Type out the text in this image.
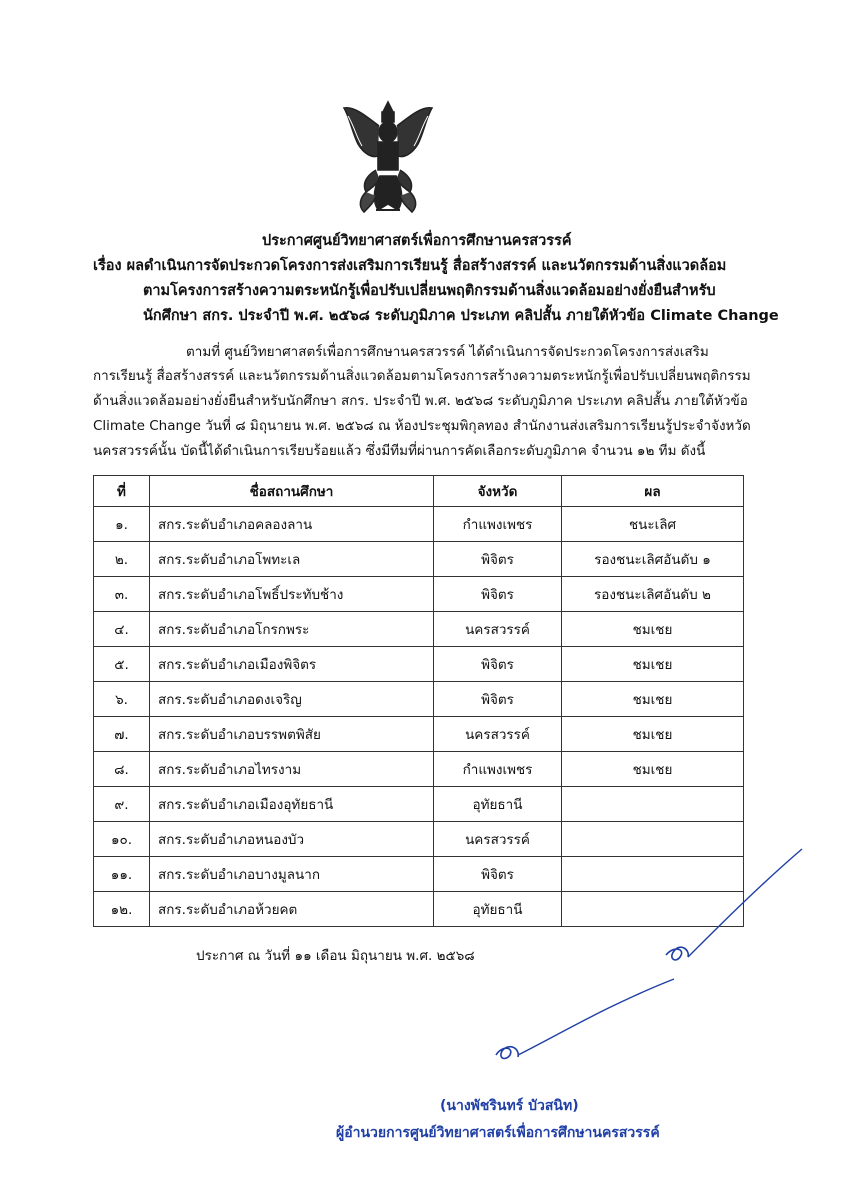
ประกาศศูนย์วิทยาศาสตร์เพื่อการศึกษานครสวรรค์
เรื่อง ผลดำเนินการจัดประกวดโครงการส่งเสริมการเรียนรู้ สื่อสร้างสรรค์ และนวัตกรรมด้านสิ่งแวดล้อม
ตามโครงการสร้างความตระหนักรู้เพื่อปรับเปลี่ยนพฤติกรรมด้านสิ่งแวดล้อมอย่างยั่งยืนสำหรับ
นักศึกษา สกร. ประจำปี พ.ศ. ๒๕๖๘ ระดับภูมิภาค ประเภท คลิปสั้น ภายใต้หัวข้อ Climate Change
ตามที่ ศูนย์วิทยาศาสตร์เพื่อการศึกษานครสวรรค์ ได้ดำเนินการจัดประกวดโครงการส่งเสริม
การเรียนรู้ สื่อสร้างสรรค์ และนวัตกรรมด้านสิ่งแวดล้อมตามโครงการสร้างความตระหนักรู้เพื่อปรับเปลี่ยนพฤติกรรม
ด้านสิ่งแวดล้อมอย่างยั่งยืนสำหรับนักศึกษา สกร. ประจำปี พ.ศ. ๒๕๖๘ ระดับภูมิภาค ประเภท คลิปสั้น ภายใต้หัวข้อ
Climate Change วันที่ ๘ มิถุนายน พ.ศ. ๒๕๖๘ ณ ห้องประชุมพิกุลทอง สำนักงานส่งเสริมการเรียนรู้ประจำจังหวัด
นครสวรรค์นั้น บัดนี้ได้ดำเนินการเรียบร้อยแล้ว ซึ่งมีทีมที่ผ่านการคัดเลือกระดับภูมิภาค จำนวน ๑๒ ทีม ดังนี้
ที่	ชื่อสถานศึกษา	จังหวัด	ผล
๑.	สกร.ระดับอำเภอคลองลาน	กำแพงเพชร	ชนะเลิศ
๒.	สกร.ระดับอำเภอโพทะเล	พิจิตร	รองชนะเลิศอันดับ ๑
๓.	สกร.ระดับอำเภอโพธิ์ประทับช้าง	พิจิตร	รองชนะเลิศอันดับ ๒
๔.	สกร.ระดับอำเภอโกรกพระ	นครสวรรค์	ชมเชย
๕.	สกร.ระดับอำเภอเมืองพิจิตร	พิจิตร	ชมเชย
๖.	สกร.ระดับอำเภอดงเจริญ	พิจิตร	ชมเชย
๗.	สกร.ระดับอำเภอบรรพตพิสัย	นครสวรรค์	ชมเชย
๘.	สกร.ระดับอำเภอไทรงาม	กำแพงเพชร	ชมเชย
๙.	สกร.ระดับอำเภอเมืองอุทัยธานี	อุทัยธานี	
๑๐.	สกร.ระดับอำเภอหนองบัว	นครสวรรค์	
๑๑.	สกร.ระดับอำเภอบางมูลนาก	พิจิตร	
๑๒.	สกร.ระดับอำเภอห้วยคต	อุทัยธานี	
ประกาศ ณ วันที่ ๑๑ เดือน มิถุนายน พ.ศ. ๒๕๖๘
(นางพัชรินทร์ บัวสนิท)
ผู้อำนวยการศูนย์วิทยาศาสตร์เพื่อการศึกษานครสวรรค์
